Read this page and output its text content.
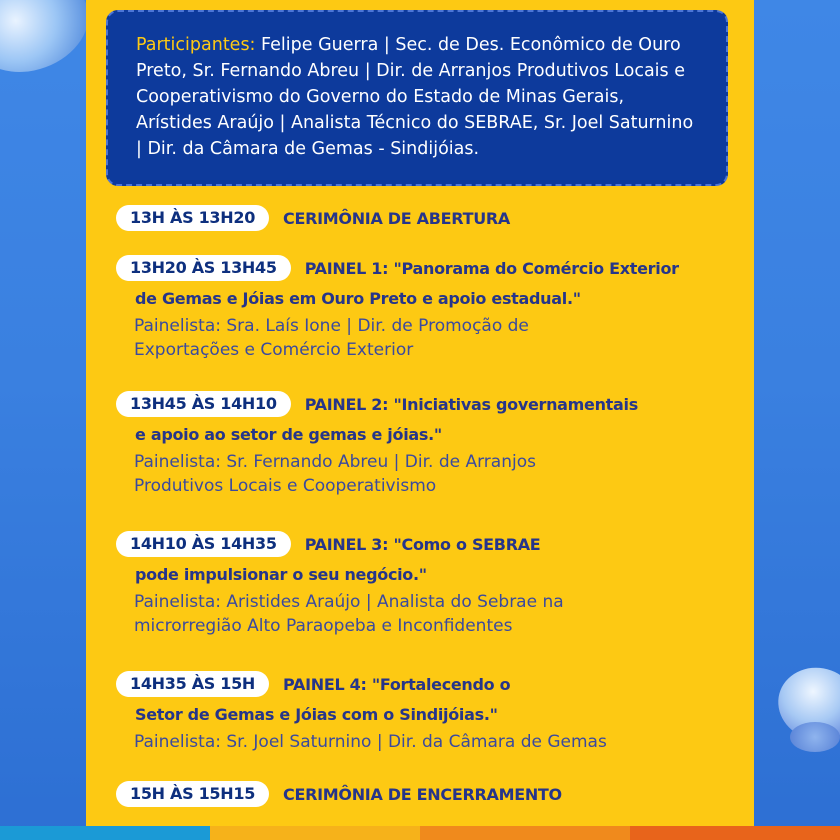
Participantes: Felipe Guerra | Sec. de Des. Econômico de Ouro Preto, Sr. Fernando Abreu | Dir. de Arranjos Produtivos Locais e Cooperativismo do Governo do Estado de Minas Gerais, Arístides Araújo | Analista Técnico do SEBRAE, Sr. Joel Saturnino | Dir. da Câmara de Gemas - Sindijóias.
13H ÀS 13H20	CERIMÔNIA DE ABERTURA
13H20 ÀS 13H45	PAINEL 1: "Panorama do Comércio Exterior
de Gemas e Jóias em Ouro Preto e apoio estadual."
Painelista: Sra. Laís Ione | Dir. de Promoção de
Exportações e Comércio Exterior
13H45 ÀS 14H10	PAINEL 2: "Iniciativas governamentais
e apoio ao setor de gemas e jóias."
Painelista: Sr. Fernando Abreu | Dir. de Arranjos
Produtivos Locais e Cooperativismo
14H10 ÀS 14H35	PAINEL 3: "Como o SEBRAE
pode impulsionar o seu negócio."
Painelista: Aristides Araújo | Analista do Sebrae na
microrregião Alto Paraopeba e Inconfidentes
14H35 ÀS 15H	PAINEL 4: "Fortalecendo o
Setor de Gemas e Jóias com o Sindijóias."
Painelista: Sr. Joel Saturnino | Dir. da Câmara de Gemas
15H ÀS 15H15	CERIMÔNIA DE ENCERRAMENTO
